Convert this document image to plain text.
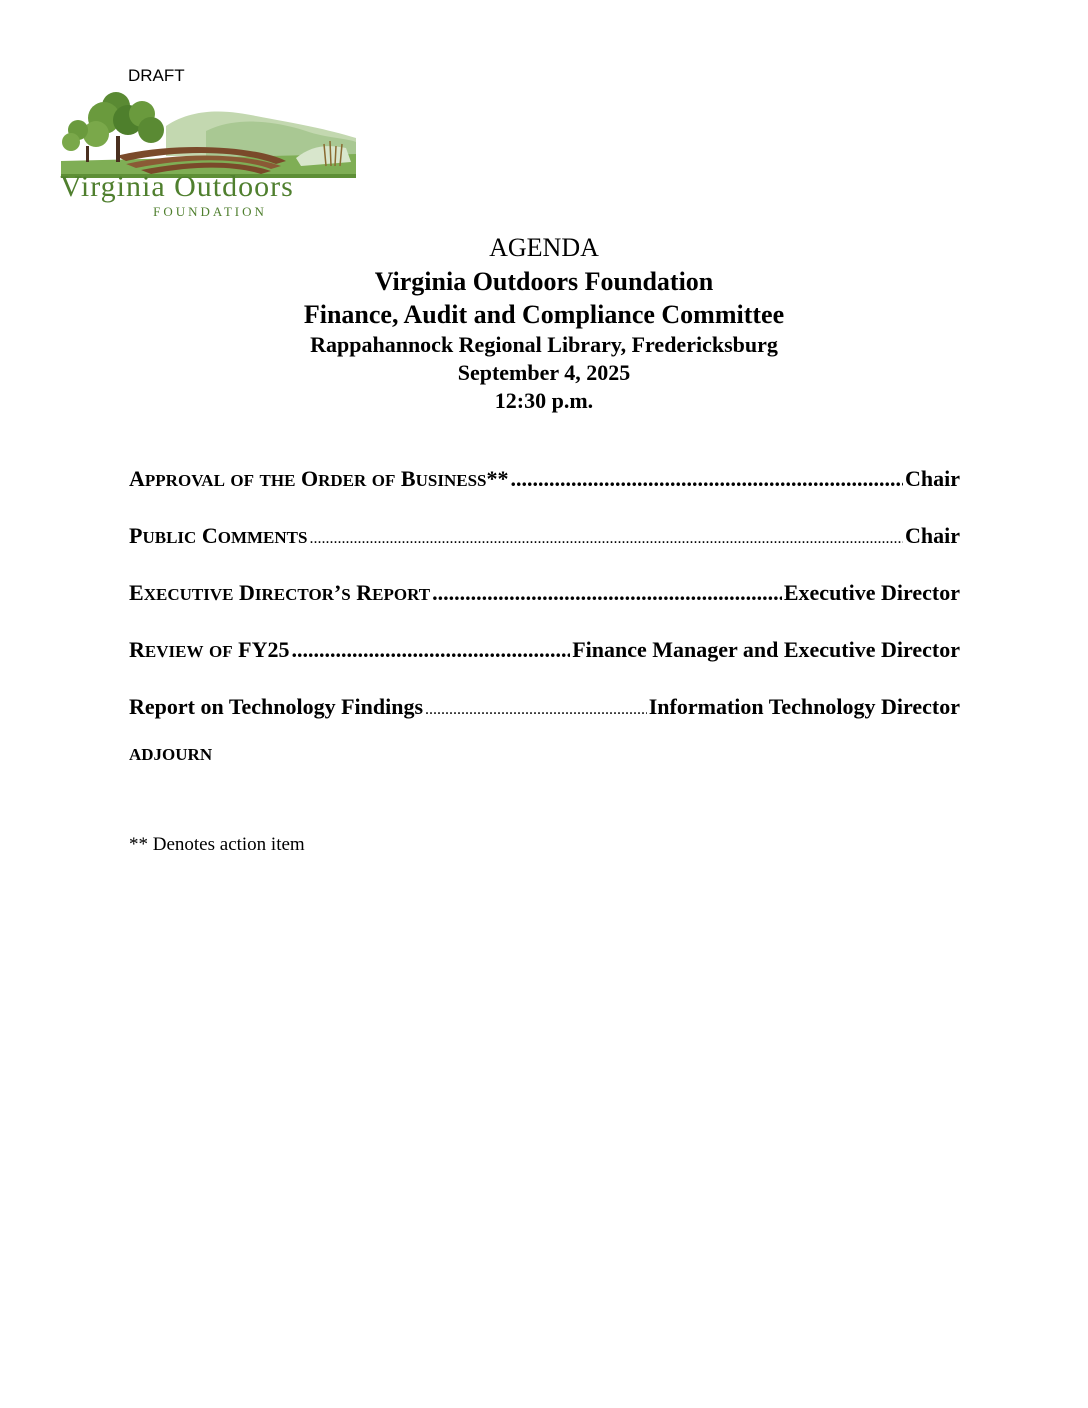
DRAFT
Virginia Outdoors
FOUNDATION
AGENDA
Virginia Outdoors Foundation
Finance, Audit and Compliance Committee
Rappahannock Regional Library, Fredericksburg
September 4, 2025
12:30 p.m.
APPROVAL OF THE ORDER OF BUSINESS** .....	Chair
PUBLIC COMMENTS .....	Chair
EXECUTIVE DIRECTOR’S REPORT .....	Executive Director
REVIEW OF FY25 .....	Finance Manager and Executive Director
Report on Technology Findings .....	Information Technology Director
ADJOURN
** Denotes action item
